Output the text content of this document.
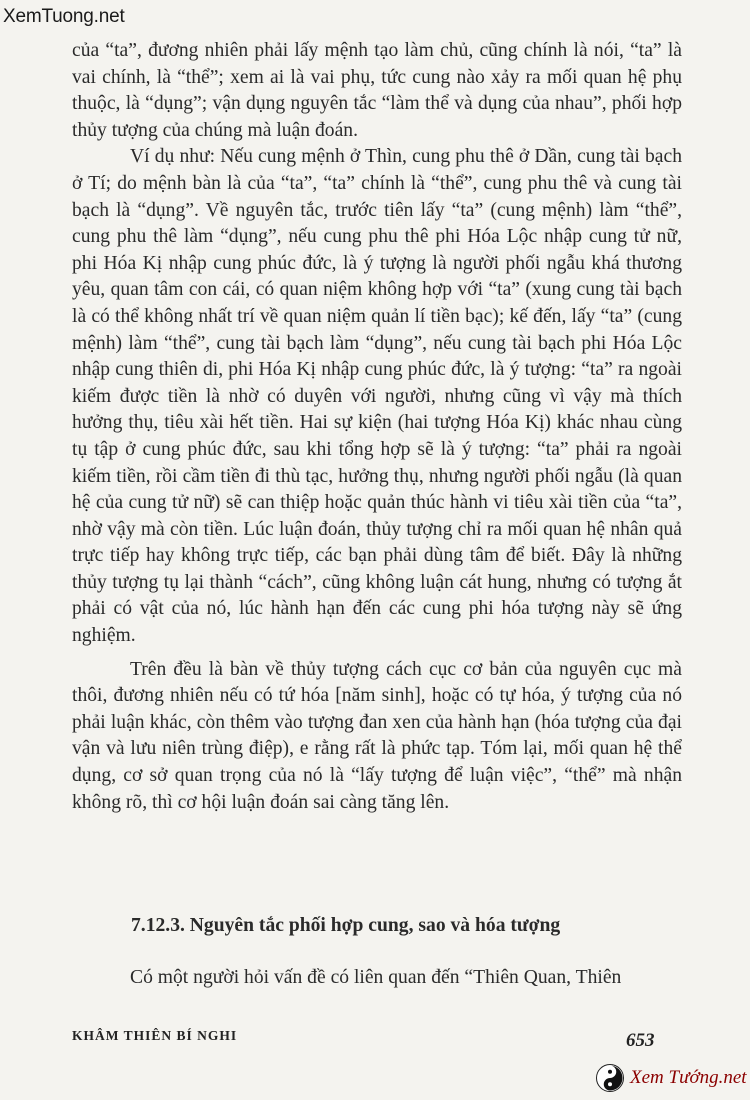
XemTuong.net

của “ta”, đương nhiên phải lấy mệnh tạo làm chủ, cũng chính là nói, “ta” là vai chính, là “thể”; xem ai là vai phụ, tức cung nào xảy ra mối quan hệ phụ thuộc, là “dụng”; vận dụng nguyên tắc “làm thể và dụng của nhau”, phối hợp thủy tượng của chúng mà luận đoán.

Ví dụ như: Nếu cung mệnh ở Thìn, cung phu thê ở Dần, cung tài bạch ở Tí; do mệnh bàn là của “ta”, “ta” chính là “thể”, cung phu thê và cung tài bạch là “dụng”. Về nguyên tắc, trước tiên lấy “ta” (cung mệnh) làm “thể”, cung phu thê làm “dụng”, nếu cung phu thê phi Hóa Lộc nhập cung tử nữ, phi Hóa Kị nhập cung phúc đức, là ý tượng là người phối ngẫu khá thương yêu, quan tâm con cái, có quan niệm không hợp với “ta” (xung cung tài bạch là có thể không nhất trí về quan niệm quản lí tiền bạc); kế đến, lấy “ta” (cung mệnh) làm “thể”, cung tài bạch làm “dụng”, nếu cung tài bạch phi Hóa Lộc nhập cung thiên di, phi Hóa Kị nhập cung phúc đức, là ý tượng: “ta” ra ngoài kiếm được tiền là nhờ có duyên với người, nhưng cũng vì vậy mà thích hưởng thụ, tiêu xài hết tiền. Hai sự kiện (hai tượng Hóa Kị) khác nhau cùng tụ tập ở cung phúc đức, sau khi tổng hợp sẽ là ý tượng: “ta” phải ra ngoài kiếm tiền, rồi cầm tiền đi thù tạc, hưởng thụ, nhưng người phối ngẫu (là quan hệ của cung tử nữ) sẽ can thiệp hoặc quản thúc hành vi tiêu xài tiền của “ta”, nhờ vậy mà còn tiền. Lúc luận đoán, thủy tượng chỉ ra mối quan hệ nhân quả trực tiếp hay không trực tiếp, các bạn phải dùng tâm để biết. Đây là những thủy tượng tụ lại thành “cách”, cũng không luận cát hung, nhưng có tượng ắt phải có vật của nó, lúc hành hạn đến các cung phi hóa tượng này sẽ ứng nghiệm.

Trên đều là bàn về thủy tượng cách cục cơ bản của nguyên cục mà thôi, đương nhiên nếu có tứ hóa [năm sinh], hoặc có tự hóa, ý tượng của nó phải luận khác, còn thêm vào tượng đan xen của hành hạn (hóa tượng của đại vận và lưu niên trùng điệp), e rằng rất là phức tạp. Tóm lại, mối quan hệ thể dụng, cơ sở quan trọng của nó là “lấy tượng để luận việc”, “thể” mà nhận không rõ, thì cơ hội luận đoán sai càng tăng lên.

7.12.3. Nguyên tắc phối hợp cung, sao và hóa tượng
Có một người hỏi vấn đề có liên quan đến “Thiên Quan, Thiên
KHÂM THIÊN BÍ NGHI	653
Xem Tướng.net
